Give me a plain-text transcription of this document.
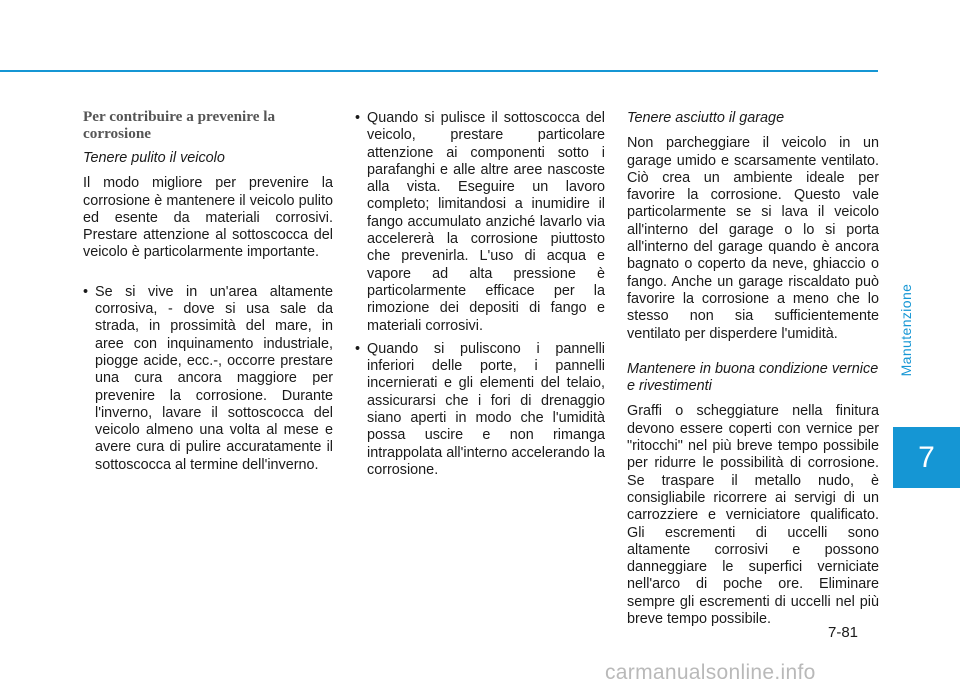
Per contribuire a prevenire la corrosione
Tenere pulito il veicolo

Il modo migliore per prevenire la corrosione è mantenere il veicolo pulito ed esente da materiali corrosivi. Prestare attenzione al sottoscocca del veicolo è particolarmente importante.

• Se si vive in un'area altamente corrosiva, - dove si usa sale da strada, in prossimità del mare, in aree con inquinamento industriale, piogge acide, ecc.-, occorre prestare una cura ancora maggiore per prevenire la corrosione. Durante l'inverno, lavare il sottoscocca del veicolo almeno una volta al mese e avere cura di pulire accuratamente il sottoscocca al termine dell'inverno.
• Quando si pulisce il sottoscocca del veicolo, prestare particolare attenzione ai componenti sotto i parafanghi e alle altre aree nascoste alla vista. Eseguire un lavoro completo; limitandosi a inumidire il fango accumulato anziché lavarlo via accelererà la corrosione piuttosto che prevenirla. L'uso di acqua e vapore ad alta pressione è particolarmente efficace per la rimozione dei depositi di fango e materiali corrosivi.
• Quando si puliscono i pannelli inferiori delle porte, i pannelli incernierati e gli elementi del telaio, assicurarsi che i fori di drenaggio siano aperti in modo che l'umidità possa uscire e non rimanga intrappolata all'interno accelerando la corrosione.
Tenere asciutto il garage

Non parcheggiare il veicolo in un garage umido e scarsamente ventilato. Ciò crea un ambiente ideale per favorire la corrosione. Questo vale particolarmente se si lava il veicolo all'interno del garage o lo si porta all'interno del garage quando è ancora bagnato o coperto da neve, ghiaccio o fango. Anche un garage riscaldato può favorire la corrosione a meno che lo stesso non sia sufficientemente ventilato per disperdere l'umidità.

Mantenere in buona condizione vernice e rivestimenti

Graffi o scheggiature nella finitura devono essere coperti con vernice per "ritocchi" nel più breve tempo possibile per ridurre le possibilità di corrosione. Se traspare il metallo nudo, è consigliabile ricorrere ai servigi di un carrozziere e verniciatore qualificato. Gli escrementi di uccelli sono altamente corrosivi e possono danneggiare le superfici verniciate nell'arco di poche ore. Eliminare sempre gli escrementi di uccelli nel più breve tempo possibile.

Manutenzione
7
7-81
carmanualsonline.info
